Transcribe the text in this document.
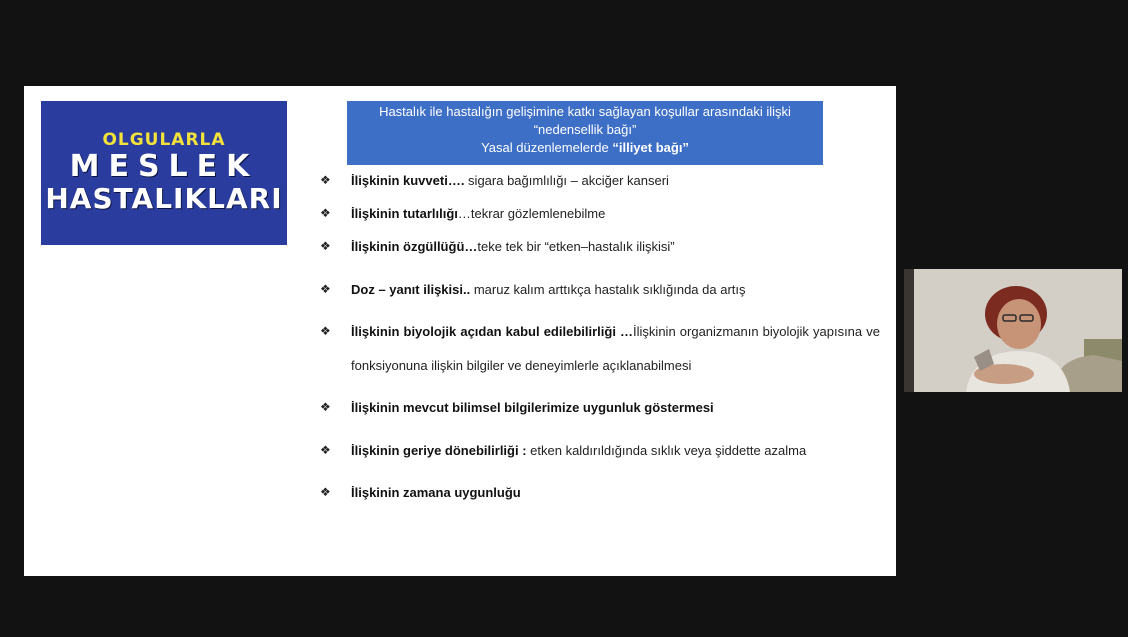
OLGULARLA
MESLEK
HASTALIKLARI
Hastalık ile hastalığın gelişimine katkı sağlayan koşullar arasındaki ilişki
“nedensellik bağı”
Yasal düzenlemelerde “illiyet bağı”
❖ İlişkinin kuvveti…. sigara bağımlılığı – akciğer kanseri
❖ İlişkinin tutarlılığı…tekrar gözlemlenebilme
❖ İlişkinin özgüllüğü…teke tek bir “etken–hastalık ilişkisi”
❖ Doz – yanıt ilişkisi.. maruz kalım arttıkça hastalık sıklığında da artış
❖ İlişkinin biyolojik açıdan kabul edilebilirliği …İlişkinin organizmanın biyolojik yapısına ve fonksiyonuna ilişkin bilgiler ve deneyimlerle açıklanabilmesi
❖ İlişkinin mevcut bilimsel bilgilerimize uygunluk göstermesi
❖ İlişkinin geriye dönebilirliği : etken kaldırıldığında sıklık veya şiddette azalma
❖ İlişkinin zamana uygunluğu
